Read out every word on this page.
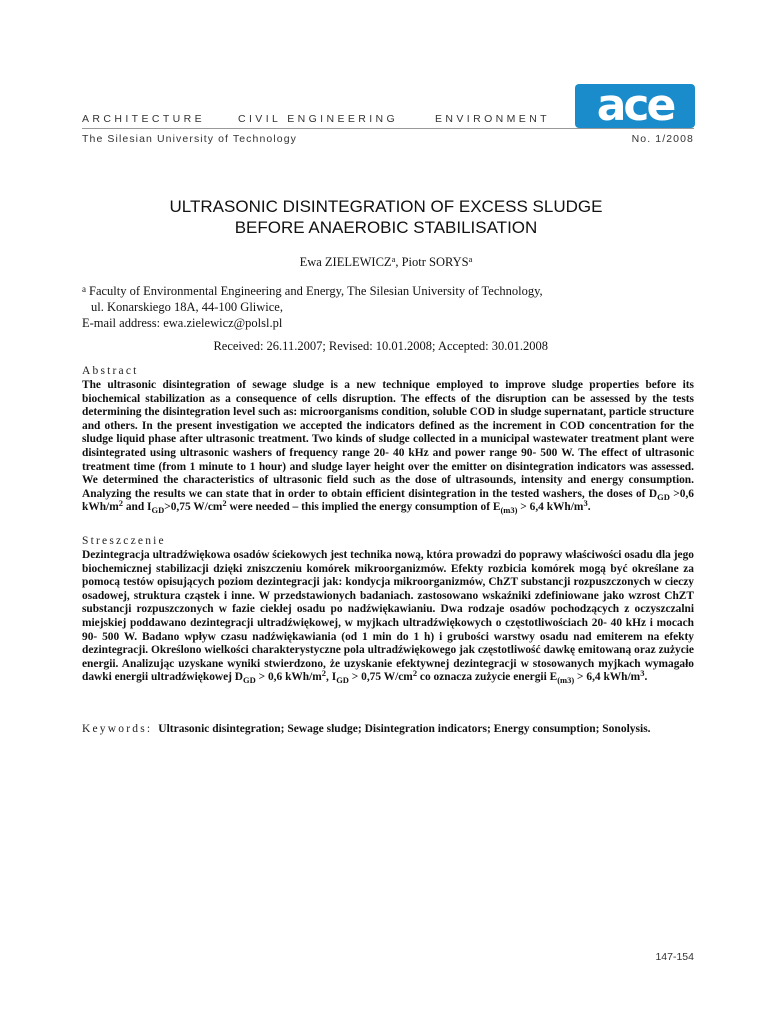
ARCHITECTURE	CIVIL ENGINEERING	ENVIRONMENT ace
The Silesian University of Technology	No. 1/2008
ULTRASONIC DISINTEGRATION OF EXCESS SLUDGE
BEFORE ANAEROBIC STABILISATION
Ewa ZIELEWICZ$^a$, Piotr SORYS$^a$
$^a$ Faculty of Environmental Engineering and Energy, The Silesian University of Technology,
ul. Konarskiego 18A, 44-100 Gliwice,
E-mail address: ewa.zielewicz@polsl.pl
Received: 26.11.2007; Revised: 10.01.2008; Accepted: 30.01.2008
Abstract
The ultrasonic disintegration of sewage sludge is a new technique employed to improve sludge properties before its biochemical stabilization as a consequence of cells disruption. The effects of the disruption can be assessed by the tests determining the disintegration level such as: microorganisms condition, soluble COD in sludge supernatant, particle structure and others. In the present investigation we accepted the indicators defined as the increment in COD concentration for the sludge liquid phase after ultrasonic treatment. Two kinds of sludge collected in a municipal wastewater treatment plant were disintegrated using ultrasonic washers of frequency range 20- 40 kHz and power range 90- 500 W. The effect of ultrasonic treatment time (from 1 minute to 1 hour) and sludge layer height over the emitter on disintegration indicators was assessed. We determined the characteristics of ultrasonic field such as the dose of ultrasounds, intensity and energy consumption. Analyzing the results we can state that in order to obtain efficient disintegration in the tested washers, the doses of $D_{GD} >0,6$ kWh/$m^2$ and $I_{GD}>0,75$ $W/cm^2$ were needed – this implied the energy consumption of $E_{(m3)} > 6,4$ kWh/$m^3$.
Streszczenie
Dezintegracja ultradźwiękowa osadów ściekowych jest technika nową, która prowadzi do poprawy właściwości osadu dla jego biochemicznej stabilizacji dzięki zniszczeniu komórek mikroorganizmów. Efekty rozbicia komórek mogą być określane za pomocą testów opisujących poziom dezintegracji jak: kondycja mikroorganizmów, ChZT substancji rozpuszczonych w cieczy osadowej, struktura cząstek i inne. W przedstawionych badaniach. zastosowano wskaźniki zdefiniowane jako wzrost ChZT substancji rozpuszczonych w fazie ciekłej osadu po nadźwiękawianiu. Dwa rodzaje osadów pochodzących z oczyszczalni miejskiej poddawano dezintegracji ultradźwiękowej, w myjkach ultradźwiękowych o częstotliwościach 20- 40 kHz i mocach 90- 500 W. Badano wpływ czasu nadźwiękawiania (od 1 min do 1 h) i grubości warstwy osadu nad emiterem na efekty dezintegracji. Określono wielkości charakterystyczne pola ultradźwiękowego jak częstotliwość dawkę emitowaną oraz zużycie energii. Analizując uzyskane wyniki stwierdzono, że uzyskanie efektywnej dezintegracji w stosowanych myjkach wymagało dawki energii ultradźwiękowej $D_{GD} > 0,6$ kWh/$m^2$, $I_{GD} > 0,75$ $W/cm^2$ co oznacza zużycie energii $E_{(m3)} > 6,4$ kWh/$m^3$.
Keywords: Ultrasonic disintegration; Sewage sludge; Disintegration indicators; Energy consumption; Sonolysis.
147-154
